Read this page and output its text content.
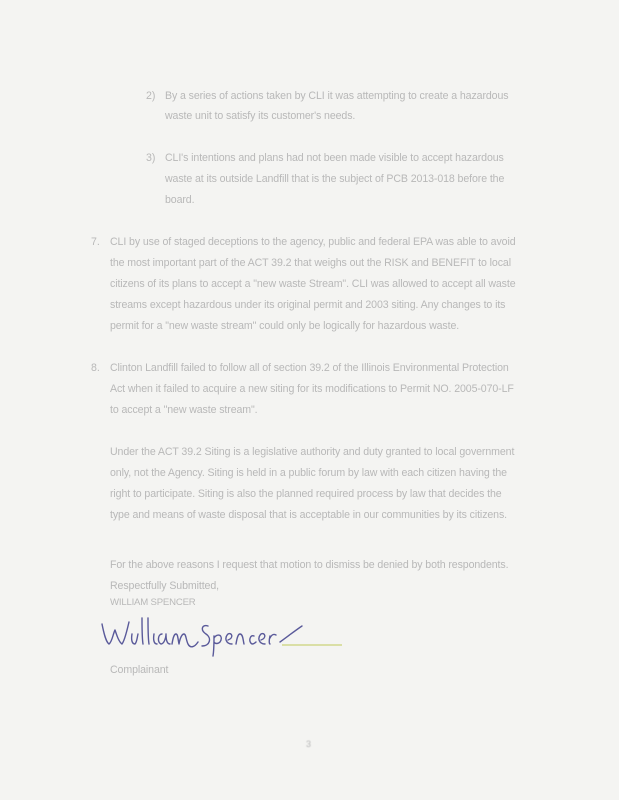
2) By a series of actions taken by CLI it was attempting to create a hazardous
waste unit to satisfy its customer's needs.
3) CLI's intentions and plans had not been made visible to accept hazardous
waste at its outside Landfill that is the subject of PCB 2013-018 before the
board.
7. CLI by use of staged deceptions to the agency, public and federal EPA was able to avoid
the most important part of the ACT 39.2 that weighs out the RISK and BENEFIT to local
citizens of its plans to accept a "new waste Stream". CLI was allowed to accept all waste
streams except hazardous under its original permit and 2003 siting. Any changes to its
permit for a "new waste stream" could only be logically for hazardous waste.
8. Clinton Landfill failed to follow all of section 39.2 of the Illinois Environmental Protection
Act when it failed to acquire a new siting for its modifications to Permit NO. 2005-070-LF
to accept a "new waste stream".
Under the ACT 39.2 Siting is a legislative authority and duty granted to local government
only, not the Agency. Siting is held in a public forum by law with each citizen having the
right to participate. Siting is also the planned required process by law that decides the
type and means of waste disposal that is acceptable in our communities by its citizens.
For the above reasons I request that motion to dismiss be denied by both respondents.
Respectfully Submitted,
WILLIAM SPENCER
Complainant
3
